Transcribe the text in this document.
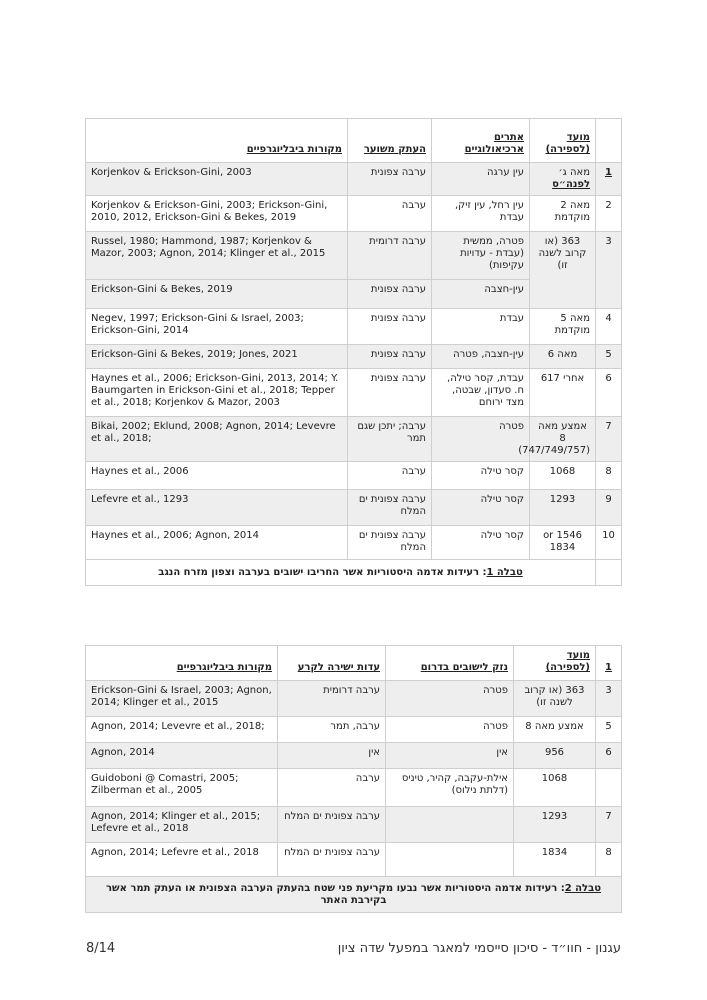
	מועד (לספירה)	אתרים ארכיאולוגיים	העתק משוער	מקורות ביבליוגרפיים
1	מאה ג׳ לפנה״ס	עין ערגה	ערבה צפונית	Korjenkov & Erickson-Gini, 2003
2	מאה 2 מוקדמת	עין רחל, עין זיק, עבדת	ערבה	Korjenkov & Erickson-Gini, 2003; Erickson-Gini, 2010, 2012, Erickson-Gini & Bekes, 2019
3	363 (או קרוב לשנה זו)	פטרה, ממשית (עבדת - עדויות עקיפות)	ערבה דרומית	Russel, 1980; Hammond, 1987; Korjenkov & Mazor, 2003; Agnon, 2014; Klinger et al., 2015
		עין-חצבה	ערבה צפונית	Erickson-Gini & Bekes, 2019
4	מאה 5 מוקדמת	עבדת	ערבה צפונית	Negev, 1997; Erickson-Gini & Israel, 2003; Erickson-Gini, 2014
5	מאה 6	עין-חצבה, פטרה	ערבה צפונית	Erickson-Gini & Bekes, 2019; Jones, 2021
6	אחרי 617	עבדת, קסר טילה, ח. סעדון, שבטה, מצד ירוחם	ערבה צפונית	Haynes et al., 2006; Erickson-Gini, 2013, 2014; Y. Baumgarten in Erickson-Gini et al., 2018; Tepper et al., 2018; Korjenkov & Mazor, 2003
7	אמצע מאה 8 (747/749/757)	פטרה	ערבה; יתכן שגם תמר	Bikai, 2002; Eklund, 2008; Agnon, 2014; Levevre et al., 2018;
8	1068	קסר טילה	ערבה	Haynes et al., 2006
9	1293	קסר טילה	ערבה צפונית ים המלח	Lefevre et al., 1293
10	1546 or 1834	קסר טילה	ערבה צפונית ים המלח	Haynes et al., 2006; Agnon, 2014
	טבלה 1: רעידות אדמה היסטוריות אשר החריבו ישובים בערבה וצפון מזרח הנגב			
1	מועד (לספירה)	נזק לישובים בדרום	עדות ישירה לקרע	מקורות ביבליוגרפיים
3	363 (או קרוב לשנה זו)	פטרה	ערבה דרומית	Erickson-Gini & Israel, 2003; Agnon, 2014; Klinger et al., 2015
5	אמצע מאה 8	פטרה	ערבה, תמר	Agnon, 2014; Levevre et al., 2018;
6	956	אין	אין	Agnon, 2014
	1068	אילת-עקבה, קהיר, טיניס (דלתת נילוס)	ערבה	Guidoboni @ Comastri, 2005; Zilberman et al., 2005
7	1293		ערבה צפונית ים המלח	Agnon, 2014; Klinger et al., 2015; Lefevre et al., 2018
8	1834		ערבה צפונית ים המלח	Agnon, 2014; Lefevre et al., 2018
טבלה 2: רעידות אדמה היסטוריות אשר נבעו מקריעת פני שטח בהעתק הערבה הצפונית או העתק תמר אשר בקירבת האתר				
עגנון - חוו״ד - סיכון סייסמי למאגר במפעל שדה ציון
8/14
